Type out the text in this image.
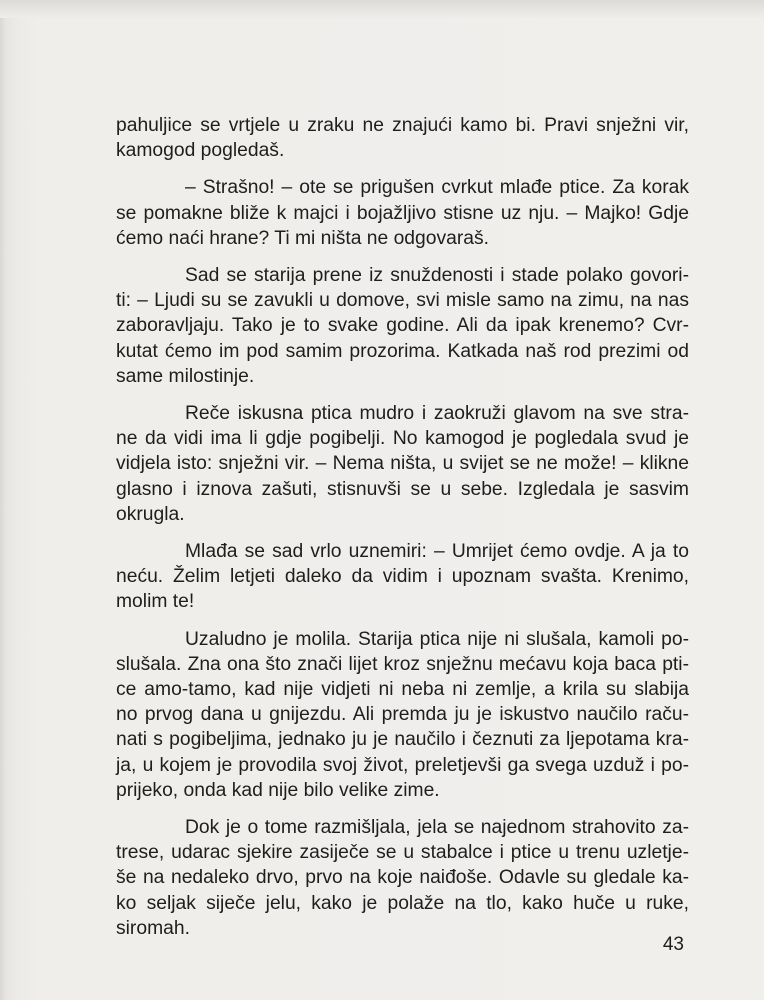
pahuljice se vrtjele u zraku ne znajući kamo bi. Pravi snježni vir,
kamogod pogledaš.

– Strašno! – ote se prigušen cvrkut mlađe ptice. Za korak
se pomakne bliže k majci i bojažljivo stisne uz nju. – Majko! Gdje
ćemo naći hrane? Ti mi ništa ne odgovaraš.

Sad se starija prene iz snuždenosti i stade polako govori-
ti: – Ljudi su se zavukli u domove, svi misle samo na zimu, na nas
zaboravljaju. Tako je to svake godine. Ali da ipak krenemo? Cvr-
kutat ćemo im pod samim prozorima. Katkada naš rod prezimi od
same milostinje.

Reče iskusna ptica mudro i zaokruži glavom na sve stra-
ne da vidi ima li gdje pogibelji. No kamogod je pogledala svud je
vidjela isto: snježni vir. – Nema ništa, u svijet se ne može! – klikne
glasno i iznova zašuti, stisnuvši se u sebe. Izgledala je sasvim
okrugla.

Mlađa se sad vrlo uznemiri: – Umrijet ćemo ovdje. A ja to
neću. Želim letjeti daleko da vidim i upoznam svašta. Krenimo,
molim te!

Uzaludno je molila. Starija ptica nije ni slušala, kamoli po-
slušala. Zna ona što znači lijet kroz snježnu mećavu koja baca pti-
ce amo-tamo, kad nije vidjeti ni neba ni zemlje, a krila su slabija
no prvog dana u gnijezdu. Ali premda ju je iskustvo naučilo raču-
nati s pogibeljima, jednako ju je naučilo i čeznuti za ljepotama kra-
ja, u kojem je provodila svoj život, preletjevši ga svega uzduž i po-
prijeko, onda kad nije bilo velike zime.

Dok je o tome razmišljala, jela se najednom strahovito za-
trese, udarac sjekire zasiječe se u stabalce i ptice u trenu uzletje-
še na nedaleko drvo, prvo na koje naiđoše. Odavle su gledale ka-
ko seljak siječe jelu, kako je polaže na tlo, kako huče u ruke,
siromah.

43
